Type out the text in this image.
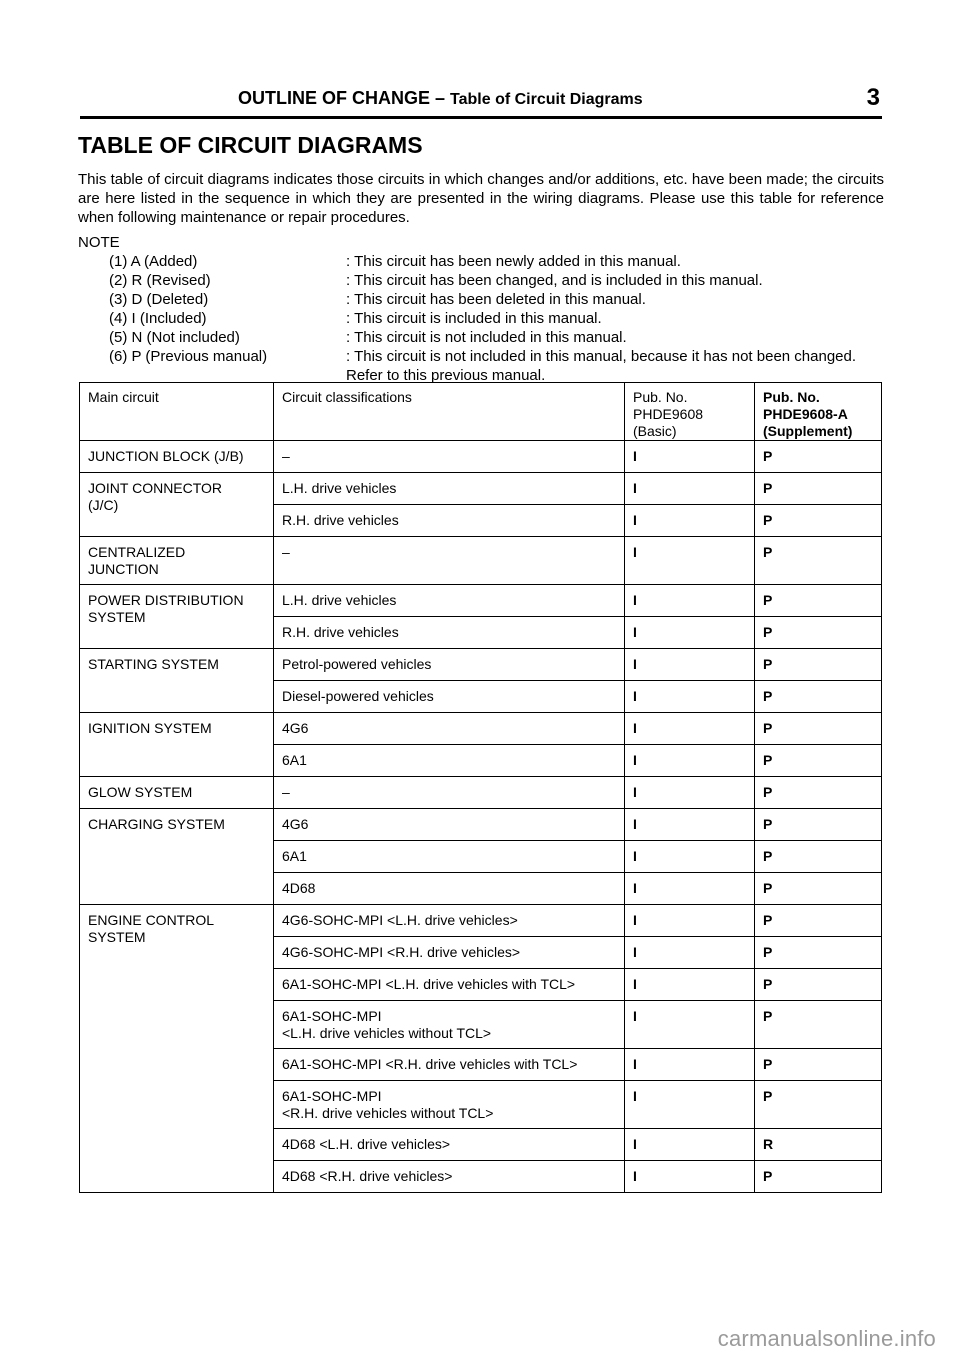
OUTLINE OF CHANGE – Table of Circuit Diagrams	3
TABLE OF CIRCUIT DIAGRAMS

This table of circuit diagrams indicates those circuits in which changes and/or additions, etc. have been made; the circuits are here listed in the sequence in which they are presented in the wiring diagrams. Please use this table for reference when following maintenance or repair procedures.

NOTE
(1) A (Added)	: This circuit has been newly added in this manual.
(2) R (Revised)	: This circuit has been changed, and is included in this manual.
(3) D (Deleted)	: This circuit has been deleted in this manual.
(4) I (Included)	: This circuit is included in this manual.
(5) N (Not included)	: This circuit is not included in this manual.
(6) P (Previous manual)	: This circuit is not included in this manual, because it has not been changed.
Refer to this previous manual.
Main circuit	Circuit classifications	Pub. No.
PHDE9608
(Basic)	Pub. No.
PHDE9608-A
(Supplement)
JUNCTION BLOCK (J/B)	–	I	P
JOINT CONNECTOR
(J/C)	L.H. drive vehicles	I	P
	R.H. drive vehicles	I	P
CENTRALIZED
JUNCTION	–	I	P
POWER DISTRIBUTION
SYSTEM	L.H. drive vehicles	I	P
	R.H. drive vehicles	I	P
STARTING SYSTEM	Petrol-powered vehicles	I	P
	Diesel-powered vehicles	I	P
IGNITION SYSTEM	4G6	I	P
	6A1	I	P
GLOW SYSTEM	–	I	P
CHARGING SYSTEM	4G6	I	P
	6A1	I	P
	4D68	I	P
ENGINE CONTROL
SYSTEM	4G6-SOHC-MPI <L.H. drive vehicles>	I	P
	4G6-SOHC-MPI <R.H. drive vehicles>	I	P
	6A1-SOHC-MPI <L.H. drive vehicles with TCL>	I	P
	6A1-SOHC-MPI
<L.H. drive vehicles without TCL>	I	P
	6A1-SOHC-MPI <R.H. drive vehicles with TCL>	I	P
	6A1-SOHC-MPI
<R.H. drive vehicles without TCL>	I	P
	4D68 <L.H. drive vehicles>	I	R
	4D68 <R.H. drive vehicles>	I	P
carmanualsonline.info
